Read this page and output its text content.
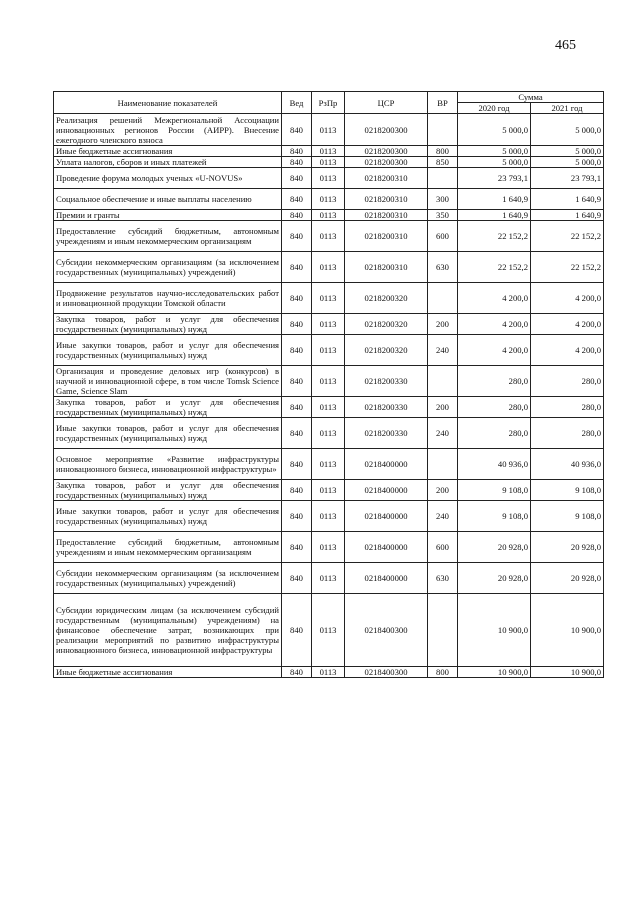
465
Наименование показателей	Вед	РзПр	ЦСР	ВР	Сумма	
					2020 год	2021 год
Реализация решений Межрегиональной Ассоциации инновационных регионов России (АИРР). Внесение ежегодного членского взноса	840	0113	0218200300		5 000,0	5 000,0
Иные бюджетные ассигнования	840	0113	0218200300	800	5 000,0	5 000,0
Уплата налогов, сборов и иных платежей	840	0113	0218200300	850	5 000,0	5 000,0
Проведение форума молодых ученых «U-NOVUS»	840	0113	0218200310		23 793,1	23 793,1
Социальное обеспечение и иные выплаты населению	840	0113	0218200310	300	1 640,9	1 640,9
Премии и гранты	840	0113	0218200310	350	1 640,9	1 640,9
Предоставление субсидий бюджетным, автономным учреждениям и иным некоммерческим организациям	840	0113	0218200310	600	22 152,2	22 152,2
Субсидии некоммерческим организациям (за исключением государственных (муниципальных) учреждений)	840	0113	0218200310	630	22 152,2	22 152,2
Продвижение результатов научно-исследовательских работ и инновационной продукции Томской области	840	0113	0218200320		4 200,0	4 200,0
Закупка товаров, работ и услуг для обеспечения государственных (муниципальных) нужд	840	0113	0218200320	200	4 200,0	4 200,0
Иные закупки товаров, работ и услуг для обеспечения государственных (муниципальных) нужд	840	0113	0218200320	240	4 200,0	4 200,0
Организация и проведение деловых игр (конкурсов) в научной и инновационной сфере, в том числе Tomsk Science Game, Science Slam	840	0113	0218200330		280,0	280,0
Закупка товаров, работ и услуг для обеспечения государственных (муниципальных) нужд	840	0113	0218200330	200	280,0	280,0
Иные закупки товаров, работ и услуг для обеспечения государственных (муниципальных) нужд	840	0113	0218200330	240	280,0	280,0
Основное мероприятие «Развитие инфраструктуры инновационного бизнеса, инновационной инфраструктуры»	840	0113	0218400000		40 936,0	40 936,0
Закупка товаров, работ и услуг для обеспечения государственных (муниципальных) нужд	840	0113	0218400000	200	9 108,0	9 108,0
Иные закупки товаров, работ и услуг для обеспечения государственных (муниципальных) нужд	840	0113	0218400000	240	9 108,0	9 108,0
Предоставление субсидий бюджетным, автономным учреждениям и иным некоммерческим организациям	840	0113	0218400000	600	20 928,0	20 928,0
Субсидии некоммерческим организациям (за исключением государственных (муниципальных) учреждений)	840	0113	0218400000	630	20 928,0	20 928,0
Субсидии юридическим лицам (за исключением субсидий государственным (муниципальным) учреждениям) на финансовое обеспечение затрат, возникающих при реализации мероприятий по развитию инфраструктуры инновационного бизнеса, инновационной инфраструктуры	840	0113	0218400300		10 900,0	10 900,0
Иные бюджетные ассигнования	840	0113	0218400300	800	10 900,0	10 900,0
